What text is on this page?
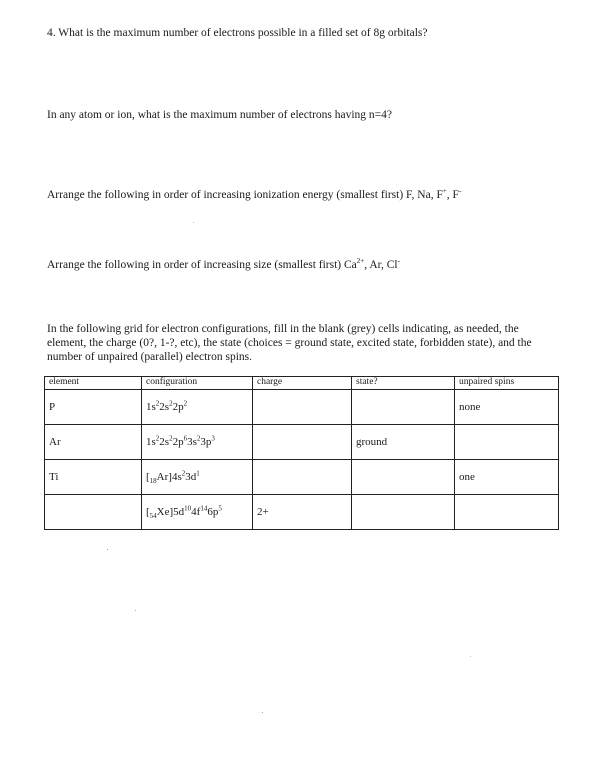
4. What is the maximum number of electrons possible in a filled set of 8g orbitals?

In any atom or ion, what is the maximum number of electrons having n=4?

Arrange the following in order of increasing ionization energy (smallest first) F, Na, F+, F-

Arrange the following in order of increasing size (smallest first) $Ca^{2+}$, Ar, Cl-

In the following grid for electron configurations, fill in the blank (grey) cells indicating, as needed, the element, the charge (0?, 1-?, etc), the state (choices = ground state, excited state, forbidden state), and the number of unpaired (parallel) electron spins.

element	configuration	charge	state?	unpaired spins
P	$1s^22s^22p^2$			none
Ar	$1s^22s^22p^63s^23p^3$		ground	
Ti	$[_{18}Ar]4s^23d^1$			one
	$[_{54}Xe]5d^{10}4f^{14}6p^5$	2+		
